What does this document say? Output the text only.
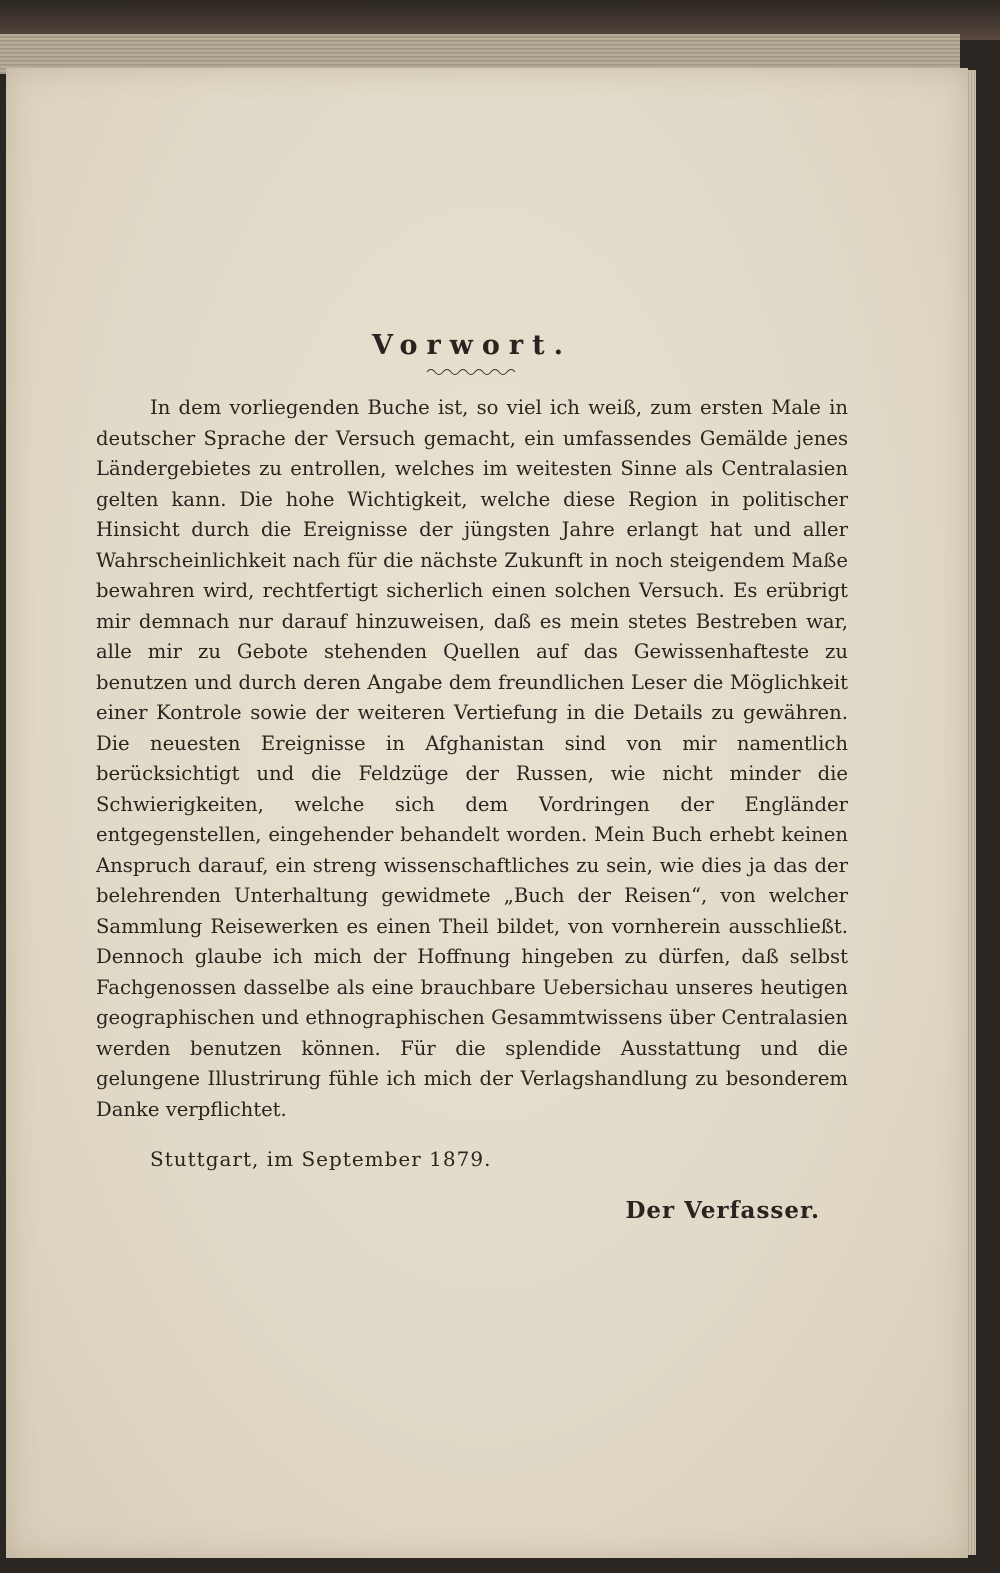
Vorwort.

In dem vorliegenden Buche ist, so viel ich weiß, zum ersten Male in deutscher Sprache der Versuch gemacht, ein umfassendes Gemälde jenes Ländergebietes zu entrollen, welches im weitesten Sinne als Centralasien gelten kann. Die hohe Wichtigkeit, welche diese Region in politischer Hinsicht durch die Ereignisse der jüngsten Jahre erlangt hat und aller Wahrscheinlichkeit nach für die nächste Zukunft in noch steigendem Maße bewahren wird, rechtfertigt sicherlich einen solchen Versuch. Es erübrigt mir demnach nur darauf hinzuweisen, daß es mein stetes Bestreben war, alle mir zu Gebote stehenden Quellen auf das Gewissenhafteste zu benutzen und durch deren Angabe dem freundlichen Leser die Möglichkeit einer Kontrole sowie der weiteren Vertiefung in die Details zu gewähren. Die neuesten Ereignisse in Afghanistan sind von mir namentlich berücksichtigt und die Feldzüge der Russen, wie nicht minder die Schwierigkeiten, welche sich dem Vordringen der Engländer entgegenstellen, eingehender behandelt worden. Mein Buch erhebt keinen Anspruch darauf, ein streng wissenschaftliches zu sein, wie dies ja das der belehrenden Unterhaltung gewidmete „Buch der Reisen“, von welcher Sammlung Reisewerken es einen Theil bildet, von vornherein ausschließt. Dennoch glaube ich mich der Hoffnung hingeben zu dürfen, daß selbst Fachgenossen dasselbe als eine brauchbare Uebersichau unseres heutigen geographischen und ethnographischen Gesammtwissens über Centralasien werden benutzen können. Für die splendide Ausstattung und die gelungene Illustrirung fühle ich mich der Verlagshandlung zu besonderem Danke verpflichtet.

Stuttgart, im September 1879.

Der Verfasser.
